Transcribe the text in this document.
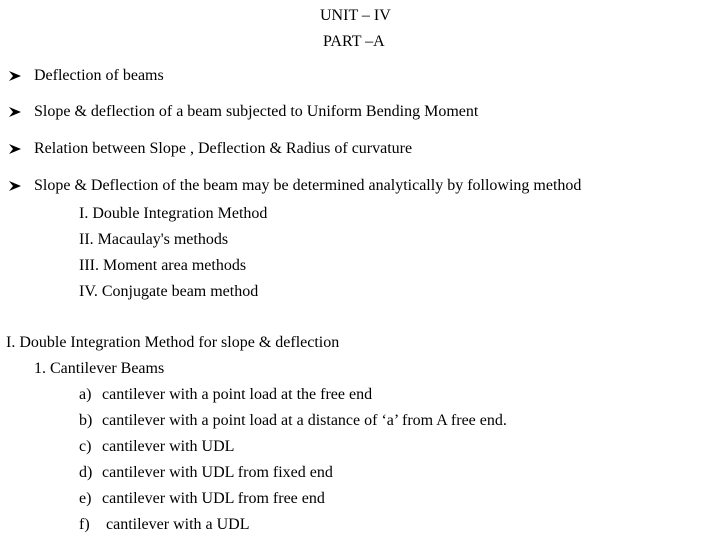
UNIT – IV
PART –A
Deflection of beams
Slope & deflection of a beam subjected to Uniform Bending Moment
Relation between Slope , Deflection & Radius of curvature
Slope & Deflection of the beam may be determined analytically by following method
I. Double Integration Method
II. Macaulay's methods
III. Moment area methods
IV. Conjugate beam method
I. Double Integration Method for slope & deflection
1. Cantilever Beams
a) cantilever with a point load at the free end
b) cantilever with a point load at a distance of ‘a’ from A free end.
c) cantilever with UDL
d) cantilever with UDL from fixed end
e) cantilever with UDL from free end
f) cantilever with a UDL
